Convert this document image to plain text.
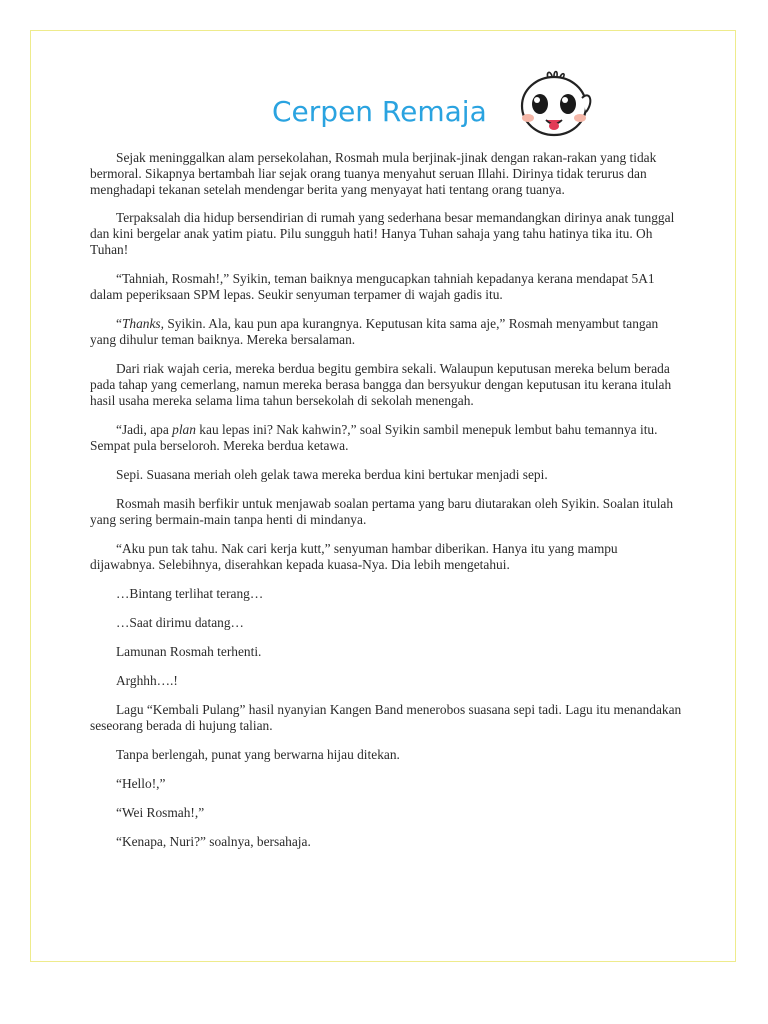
Cerpen Remaja

Sejak meninggalkan alam persekolahan, Rosmah mula berjinak-jinak dengan rakan-rakan yang tidak bermoral. Sikapnya bertambah liar sejak orang tuanya menyahut seruan Illahi. Dirinya tidak terurus dan menghadapi tekanan setelah mendengar berita yang menyayat hati tentang orang tuanya.

Terpaksalah dia hidup bersendirian di rumah yang sederhana besar memandangkan dirinya anak tunggal dan kini bergelar anak yatim piatu. Pilu sungguh hati! Hanya Tuhan sahaja yang tahu hatinya tika itu. Oh Tuhan!

“Tahniah, Rosmah!,” Syikin, teman baiknya mengucapkan tahniah kepadanya kerana mendapat 5A1 dalam peperiksaan SPM lepas. Seukir senyuman terpamer di wajah gadis itu.

“Thanks, Syikin. Ala, kau pun apa kurangnya. Keputusan kita sama aje,” Rosmah menyambut tangan yang dihulur teman baiknya. Mereka bersalaman.

Dari riak wajah ceria, mereka berdua begitu gembira sekali. Walaupun keputusan mereka belum berada pada tahap yang cemerlang, namun mereka berasa bangga dan bersyukur dengan keputusan itu kerana itulah hasil usaha mereka selama lima tahun bersekolah di sekolah menengah.

“Jadi, apa plan kau lepas ini? Nak kahwin?,” soal Syikin sambil menepuk lembut bahu temannya itu. Sempat pula berseloroh. Mereka berdua ketawa.

Sepi. Suasana meriah oleh gelak tawa mereka berdua kini bertukar menjadi sepi.

Rosmah masih berfikir untuk menjawab soalan pertama yang baru diutarakan oleh Syikin. Soalan itulah yang sering bermain-main tanpa henti di mindanya.

“Aku pun tak tahu. Nak cari kerja kutt,” senyuman hambar diberikan. Hanya itu yang mampu dijawabnya. Selebihnya, diserahkan kepada kuasa-Nya. Dia lebih mengetahui.

…Bintang terlihat terang…

…Saat dirimu datang…

Lamunan Rosmah terhenti.

Arghhh….!

Lagu “Kembali Pulang” hasil nyanyian Kangen Band menerobos suasana sepi tadi. Lagu itu menandakan seseorang berada di hujung talian.

Tanpa berlengah, punat yang berwarna hijau ditekan.

“Hello!,”

“Wei Rosmah!,”

“Kenapa, Nuri?” soalnya, bersahaja.
